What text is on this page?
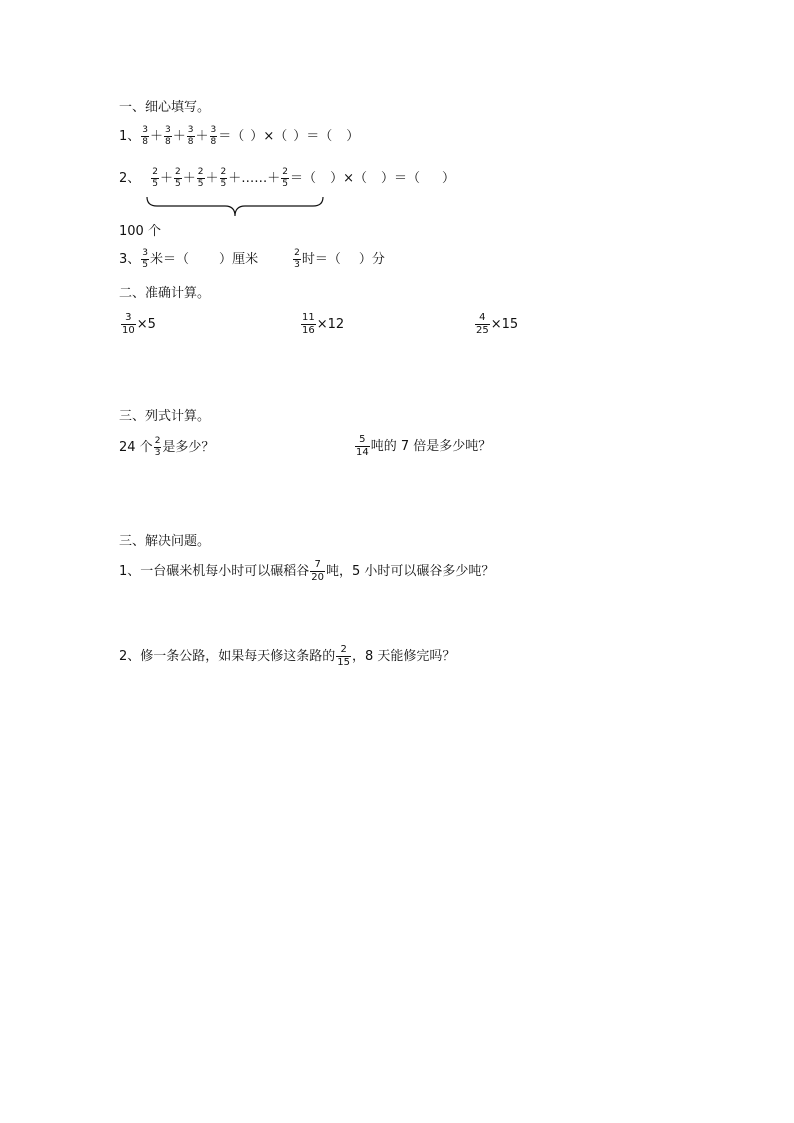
一、细心填写。
1、 $\frac{3}{8} + \frac{3}{8} + \frac{3}{8} + \frac{3}{8}$ ＝ （ ） × （ ） ＝ （ ）
2、 $\frac{2}{5} + \frac{2}{5} + \frac{2}{5} + \frac{2}{5}$ ＋ …… ＋ $\frac{2}{5}$ ＝ （ ） × （ ） ＝ （ ）
100 个
3、 $\frac{3}{5}$ 米＝ （ ） 厘米	$\frac{2}{3}$ 时＝ （ ） 分
二、准确计算。
$\frac{3}{10} \times 5$	$\frac{11}{16} \times 12$	$\frac{4}{25} \times 15$
三、列式计算。
24 个 $\frac{2}{3}$ 是多少？	$\frac{5}{14}$ 吨的 7 倍是多少吨？
三、解决问题。
1、一台碾米机每小时可以碾稻谷 $\frac{7}{20}$ 吨，5 小时可以碾谷多少吨？
2、修一条公路，如果每天修这条路的 $\frac{2}{15}$ ，8 天能修完吗？
